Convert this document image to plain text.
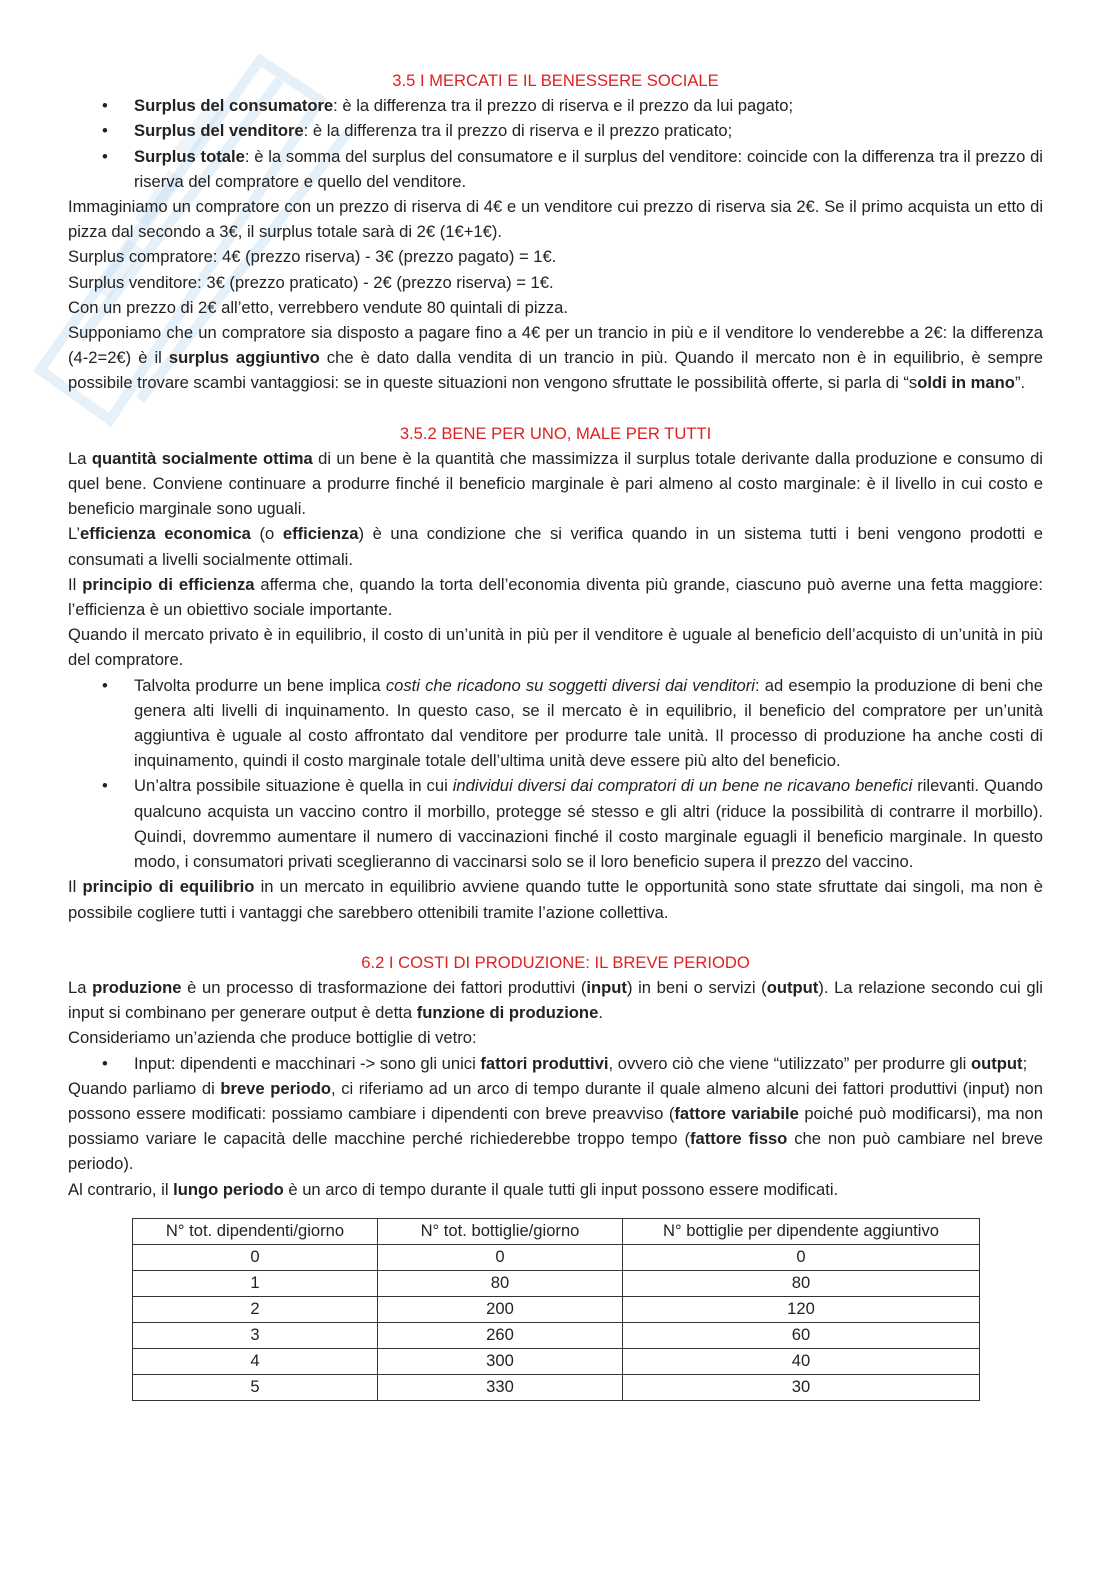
3.5 I MERCATI E IL BENESSERE SOCIALE
• Surplus del consumatore: è la differenza tra il prezzo di riserva e il prezzo da lui pagato;
• Surplus del venditore: è la differenza tra il prezzo di riserva e il prezzo praticato;
• Surplus totale: è la somma del surplus del consumatore e il surplus del venditore: coincide con la differenza tra il prezzo di riserva del compratore e quello del venditore.

Immaginiamo un compratore con un prezzo di riserva di 4€ e un venditore cui prezzo di riserva sia 2€. Se il primo acquista un etto di pizza dal secondo a 3€, il surplus totale sarà di 2€ (1€+1€).

Surplus compratore: 4€ (prezzo riserva) - 3€ (prezzo pagato) = 1€.

Surplus venditore: 3€ (prezzo praticato) - 2€ (prezzo riserva) = 1€.

Con un prezzo di 2€ all’etto, verrebbero vendute 80 quintali di pizza.

Supponiamo che un compratore sia disposto a pagare fino a 4€ per un trancio in più e il venditore lo venderebbe a 2€: la differenza (4-2=2€) è il surplus aggiuntivo che è dato dalla vendita di un trancio in più. Quando il mercato non è in equilibrio, è sempre possibile trovare scambi vantaggiosi: se in queste situazioni non vengono sfruttate le possibilità offerte, si parla di “soldi in mano”.

3.5.2 BENE PER UNO, MALE PER TUTTI

La quantità socialmente ottima di un bene è la quantità che massimizza il surplus totale derivante dalla produzione e consumo di quel bene. Conviene continuare a produrre finché il beneficio marginale è pari almeno al costo marginale: è il livello in cui costo e beneficio marginale sono uguali.

L’efficienza economica (o efficienza) è una condizione che si verifica quando in un sistema tutti i beni vengono prodotti e consumati a livelli socialmente ottimali.

Il principio di efficienza afferma che, quando la torta dell’economia diventa più grande, ciascuno può averne una fetta maggiore: l’efficienza è un obiettivo sociale importante.

Quando il mercato privato è in equilibrio, il costo di un’unità in più per il venditore è uguale al beneficio dell’acquisto di un’unità in più del compratore.

• Talvolta produrre un bene implica costi che ricadono su soggetti diversi dai venditori: ad esempio la produzione di beni che genera alti livelli di inquinamento. In questo caso, se il mercato è in equilibrio, il beneficio del compratore per un’unità aggiuntiva è uguale al costo affrontato dal venditore per produrre tale unità. Il processo di produzione ha anche costi di inquinamento, quindi il costo marginale totale dell’ultima unità deve essere più alto del beneficio.
• Un’altra possibile situazione è quella in cui individui diversi dai compratori di un bene ne ricavano benefici rilevanti. Quando qualcuno acquista un vaccino contro il morbillo, protegge sé stesso e gli altri (riduce la possibilità di contrarre il morbillo). Quindi, dovremmo aumentare il numero di vaccinazioni finché il costo marginale eguagli il beneficio marginale. In questo modo, i consumatori privati sceglieranno di vaccinarsi solo se il loro beneficio supera il prezzo del vaccino.

Il principio di equilibrio in un mercato in equilibrio avviene quando tutte le opportunità sono state sfruttate dai singoli, ma non è possibile cogliere tutti i vantaggi che sarebbero ottenibili tramite l’azione collettiva.

6.2 I COSTI DI PRODUZIONE: IL BREVE PERIODO

La produzione è un processo di trasformazione dei fattori produttivi (input) in beni o servizi (output). La relazione secondo cui gli input si combinano per generare output è detta funzione di produzione.

Consideriamo un’azienda che produce bottiglie di vetro:

• Input: dipendenti e macchinari -> sono gli unici fattori produttivi, ovvero ciò che viene “utilizzato” per produrre gli output;

Quando parliamo di breve periodo, ci riferiamo ad un arco di tempo durante il quale almeno alcuni dei fattori produttivi (input) non possono essere modificati: possiamo cambiare i dipendenti con breve preavviso (fattore variabile poiché può modificarsi), ma non possiamo variare le capacità delle macchine perché richiederebbe troppo tempo (fattore fisso che non può cambiare nel breve periodo).

Al contrario, il lungo periodo è un arco di tempo durante il quale tutti gli input possono essere modificati.

N° tot. dipendenti/giorno	N° tot. bottiglie/giorno	N° bottiglie per dipendente aggiuntivo
0	0	0
1	80	80
2	200	120
3	260	60
4	300	40
5	330	30
